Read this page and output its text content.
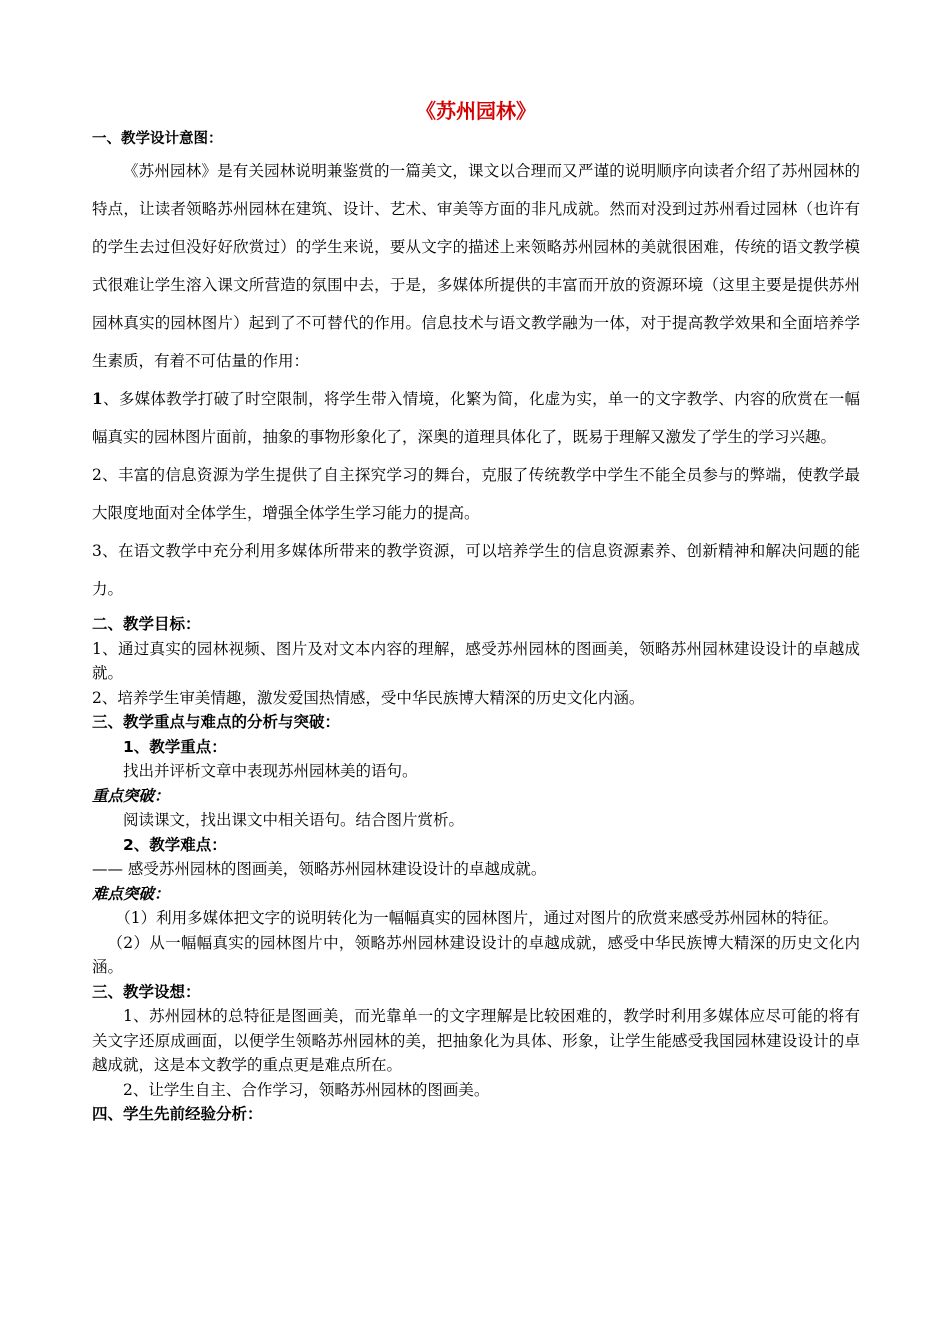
《苏州园林》

一、教学设计意图：

《苏州园林》是有关园林说明兼鉴赏的一篇美文，课文以合理而又严谨的说明顺序向读者介绍了苏州园林的特点，让读者领略苏州园林在建筑、设计、艺术、审美等方面的非凡成就。然而对没到过苏州看过园林（也许有的学生去过但没好好欣赏过）的学生来说，要从文字的描述上来领略苏州园林的美就很困难，传统的语文教学模式很难让学生溶入课文所营造的氛围中去，于是，多媒体所提供的丰富而开放的资源环境（这里主要是提供苏州园林真实的园林图片）起到了不可替代的作用。信息技术与语文教学融为一体，对于提高教学效果和全面培养学生素质，有着不可估量的作用：

1、多媒体教学打破了时空限制，将学生带入情境，化繁为简，化虚为实，单一的文字教学、内容的欣赏在一幅幅真实的园林图片面前，抽象的事物形象化了，深奥的道理具体化了，既易于理解又激发了学生的学习兴趣。

2、丰富的信息资源为学生提供了自主探究学习的舞台，克服了传统教学中学生不能全员参与的弊端，使教学最大限度地面对全体学生，增强全体学生学习能力的提高。

3、在语文教学中充分利用多媒体所带来的教学资源，可以培养学生的信息资源素养、创新精神和解决问题的能力。

二、教学目标：

1、通过真实的园林视频、图片及对文本内容的理解，感受苏州园林的图画美，领略苏州园林建设设计的卓越成就。

2、培养学生审美情趣，激发爱国热情感，受中华民族博大精深的历史文化内涵。

三、教学重点与难点的分析与突破：

1、教学重点：

找出并评析文章中表现苏州园林美的语句。

重点突破：

阅读课文，找出课文中相关语句。结合图片赏析。

2、教学难点：

—— 感受苏州园林的图画美，领略苏州园林建设设计的卓越成就。

难点突破：

（1）利用多媒体把文字的说明转化为一幅幅真实的园林图片，通过对图片的欣赏来感受苏州园林的特征。

（2）从一幅幅真实的园林图片中，领略苏州园林建设设计的卓越成就，感受中华民族博大精深的历史文化内涵。

三、教学设想：

1、苏州园林的总特征是图画美，而光靠单一的文字理解是比较困难的，教学时利用多媒体应尽可能的将有关文字还原成画面，以便学生领略苏州园林的美，把抽象化为具体、形象，让学生能感受我国园林建设设计的卓越成就，这是本文教学的重点更是难点所在。

2、让学生自主、合作学习，领略苏州园林的图画美。

四、学生先前经验分析：
